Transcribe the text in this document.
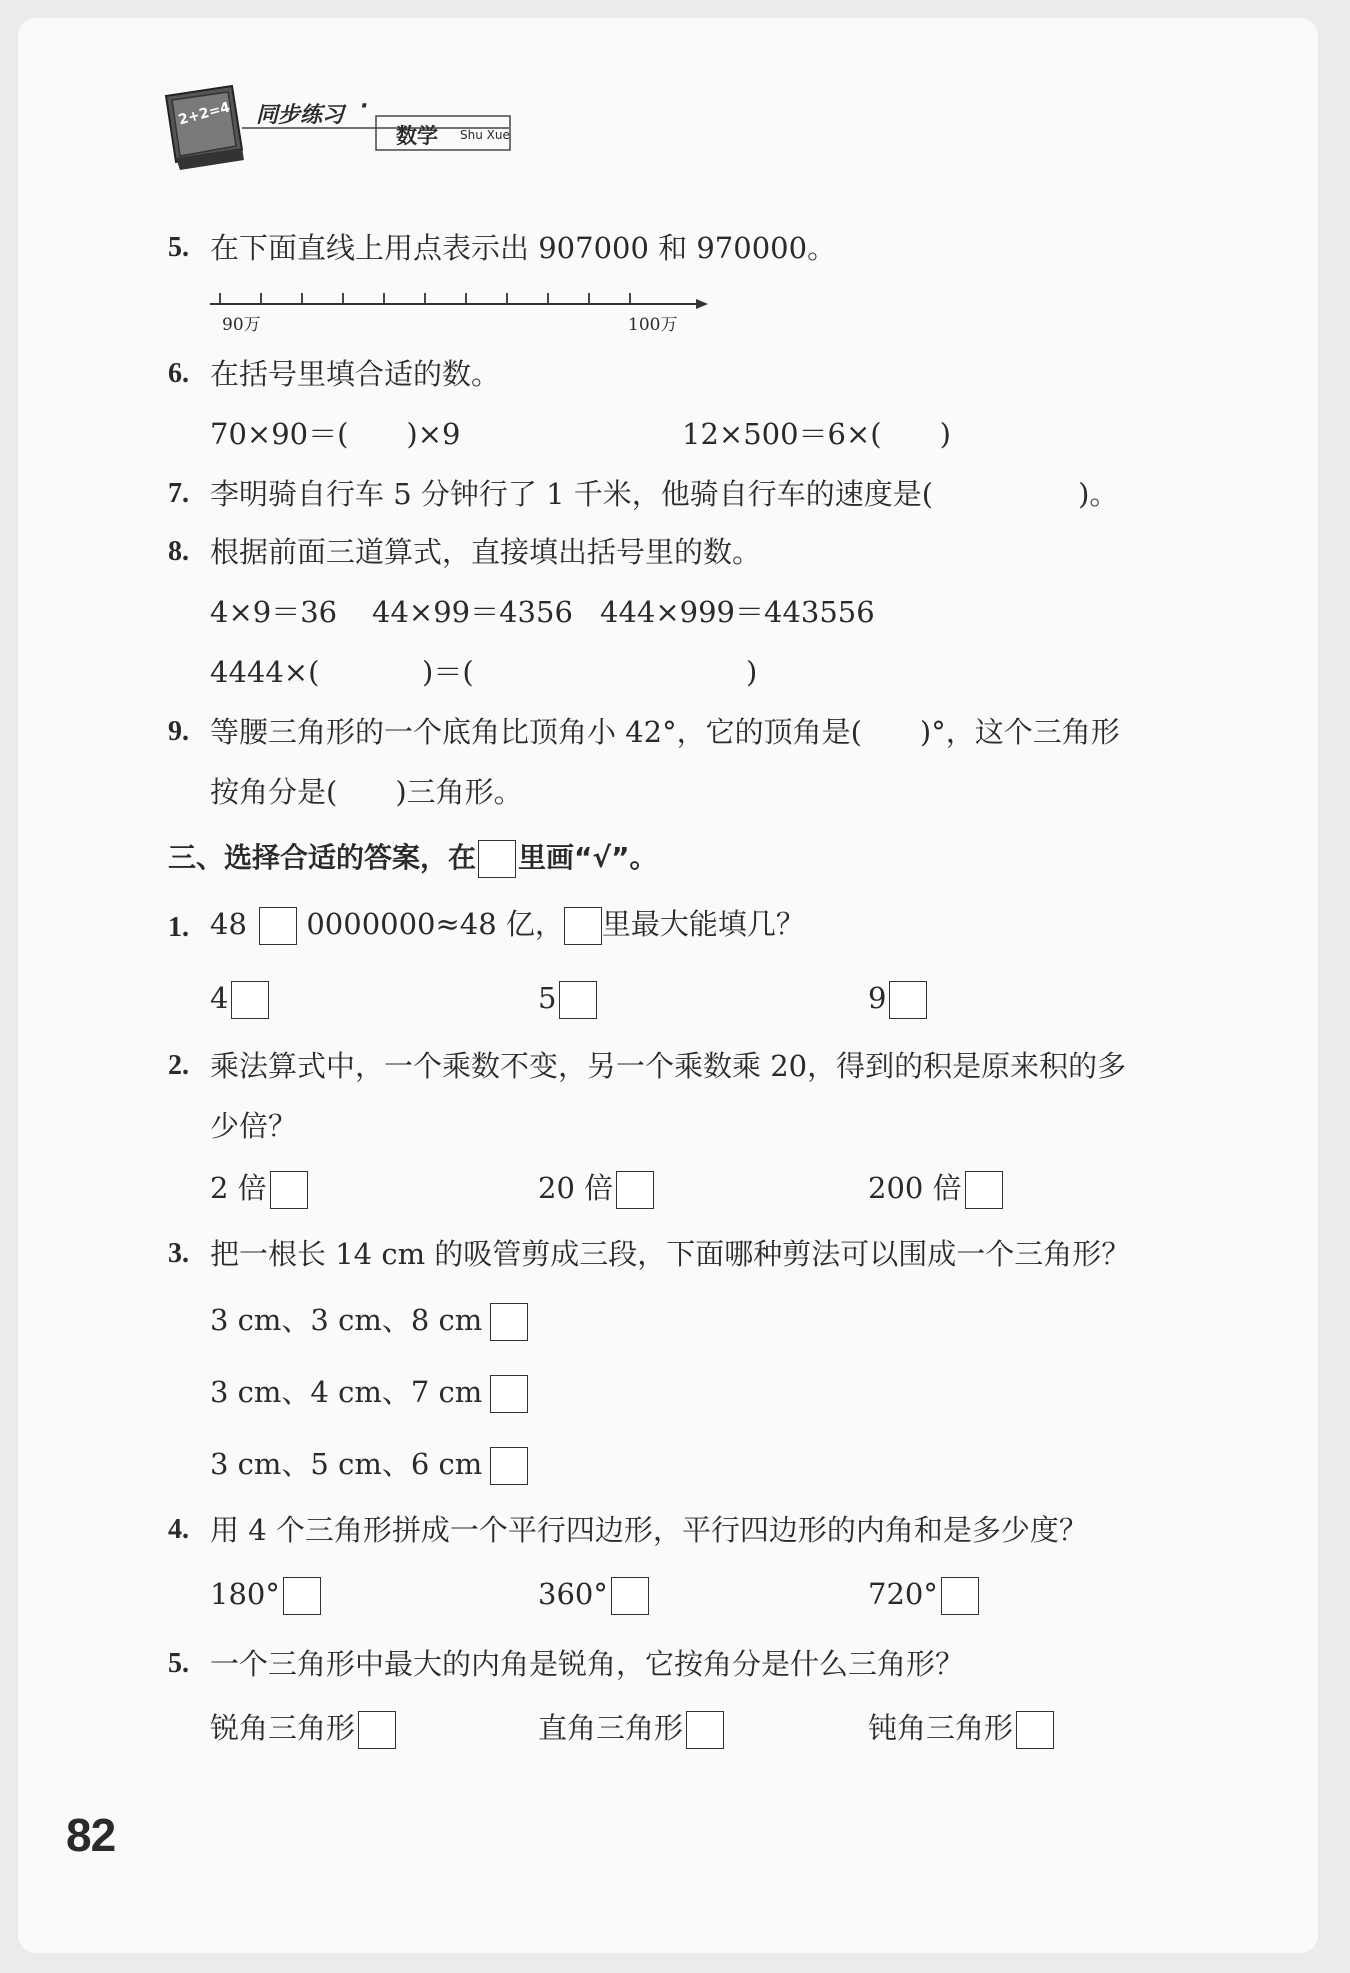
2+2=4 同步练习 ·
数学 Shu Xue
5. 在下面直线上用点表示出 907000 和 970000。
90万	100万
6. 在括号里填合适的数。
70×90＝(　　)×9	12×500＝6×(　　)
7. 李明骑自行车 5 分钟行了 1 千米，他骑自行车的速度是(　　　　　)。
8. 根据前面三道算式，直接填出括号里的数。
4×9＝36 44×99＝4356 444×999＝443556
4444×(	)＝(	)
9. 等腰三角形的一个底角比顶角小 42°，它的顶角是(　　)°，这个三角形
按角分是(　　)三角形。
三、选择合适的答案，在 里画“√”。
1. 48 0000000≈48 亿， 里最大能填几？
4	5	9
2. 乘法算式中，一个乘数不变，另一个乘数乘 20，得到的积是原来积的多
少倍？
2 倍	20 倍	200 倍
3. 把一根长 14 cm 的吸管剪成三段，下面哪种剪法可以围成一个三角形？
3 cm、3 cm、8 cm
3 cm、4 cm、7 cm
3 cm、5 cm、6 cm
4. 用 4 个三角形拼成一个平行四边形，平行四边形的内角和是多少度？
180°	360°	720°
5. 一个三角形中最大的内角是锐角，它按角分是什么三角形？
锐角三角形	直角三角形	钝角三角形
82
